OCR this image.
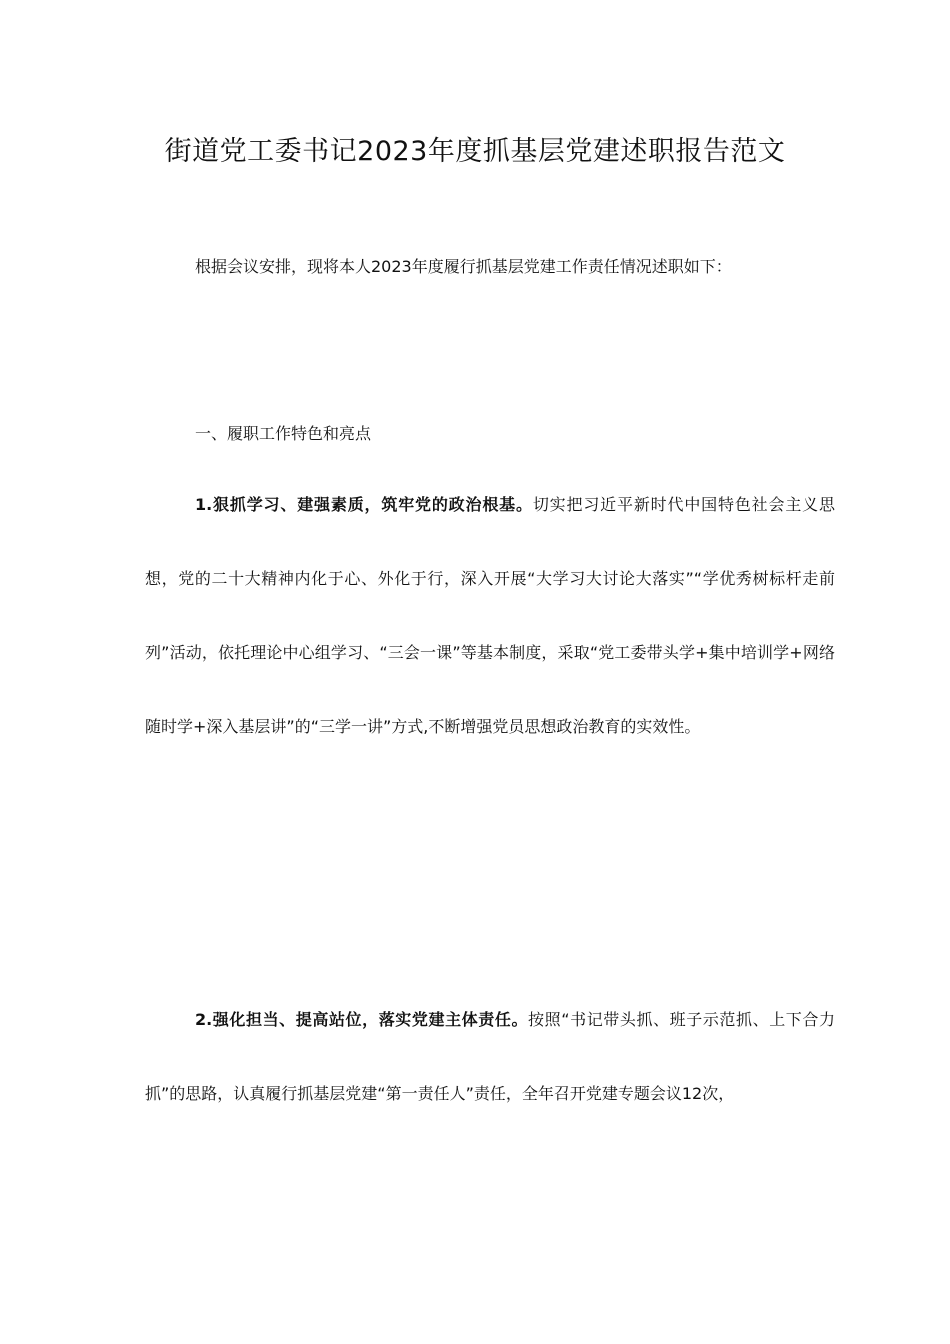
街道党工委书记2023年度抓基层党建述职报告范文

根据会议安排，现将本人2023年度履行抓基层党建工作责任情况述职如下：

一、履职工作特色和亮点

1.狠抓学习、建强素质，筑牢党的政治根基。切实把习近平新时代中国特色社会主义思想，党的二十大精神内化于心、外化于行，深入开展“大学习大讨论大落实”“学优秀树标杆走前列”活动，依托理论中心组学习、“三会一课”等基本制度，采取“党工委带头学+集中培训学+网络随时学+深入基层讲”的“三学一讲”方式,不断增强党员思想政治教育的实效性。

2.强化担当、提高站位，落实党建主体责任。按照“书记带头抓、班子示范抓、上下合力抓”的思路，认真履行抓基层党建“第一责任人”责任，全年召开党建专题会议12次，
